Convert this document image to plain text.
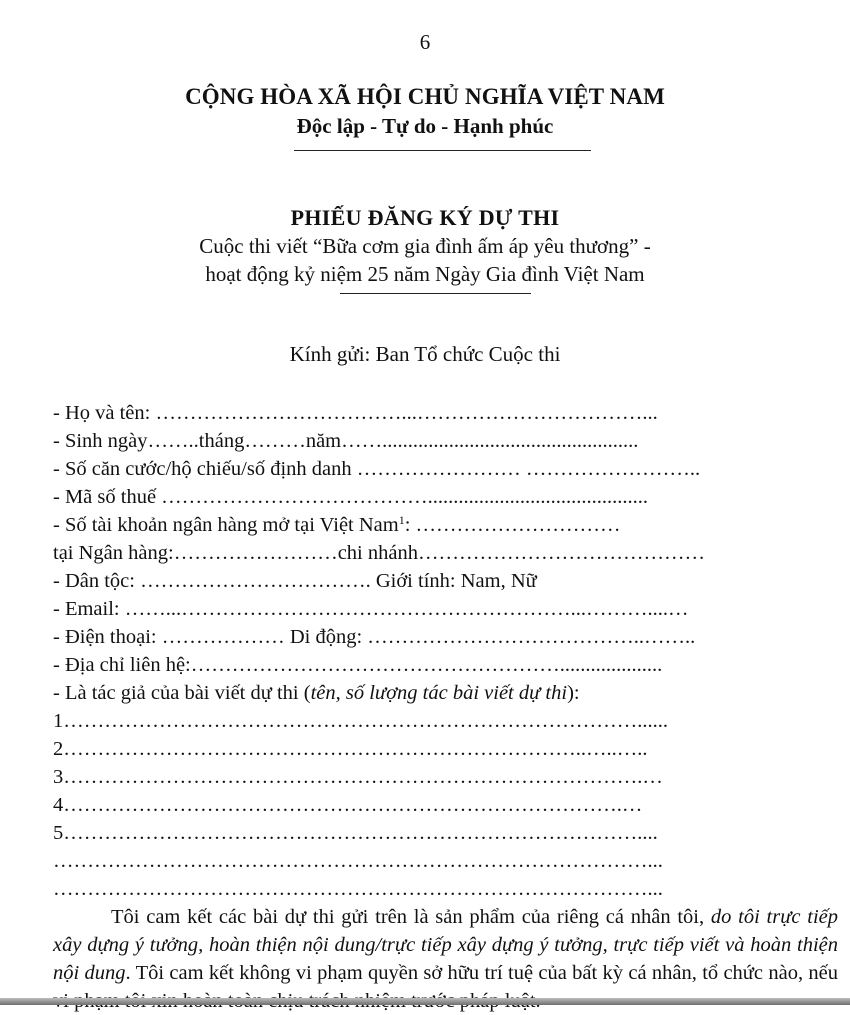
6
CỘNG HÒA XÃ HỘI CHỦ NGHĨA VIỆT NAM
Độc lập - Tự do - Hạnh phúc
PHIẾU ĐĂNG KÝ DỰ THI
Cuộc thi viết “Bữa cơm gia đình ấm áp yêu thương” -
hoạt động kỷ niệm 25 năm Ngày Gia đình Việt Nam
Kính gửi: Ban Tổ chức Cuộc thi
- Họ và tên: ………………………………...……………………………...
- Sinh ngày……..tháng………năm……..................................................
- Số căn cước/hộ chiếu/số định danh …………………… ……………………..
- Mã số thuế …………………………………...........................................
- Số tài khoản ngân hàng mở tại Việt Nam$^1$: …………………………
tại Ngân hàng:……………………chi nhánh……………………………………
- Dân tộc: ……………………………. Giới tính: Nam, Nữ
- Email: ……...…………………………………………………...………....…
- Điện thoại: ……………… Di động: …………………………………..……..
- Địa chỉ liên hệ:………………………………………………....................
- Là tác giả của bài viết dự thi (tên, số lượng tác bài viết dự thi):
1…………………………………………………………………………......
2…………………………………………………………………..…..…..
3………………………………………………………………………….…
4……………………………………………………………………….…
5…………………………………………………………………………....
……………………………………………………………………………...
……………………………………………………………………………...
Tôi cam kết các bài dự thi gửi trên là sản phẩm của riêng cá nhân tôi, do tôi trực tiếp xây dựng ý tưởng, hoàn thiện nội dung/trực tiếp xây dựng ý tưởng, trực tiếp viết và hoàn thiện nội dung. Tôi cam kết không vi phạm quyền sở hữu trí tuệ của bất kỳ cá nhân, tổ chức nào, nếu
